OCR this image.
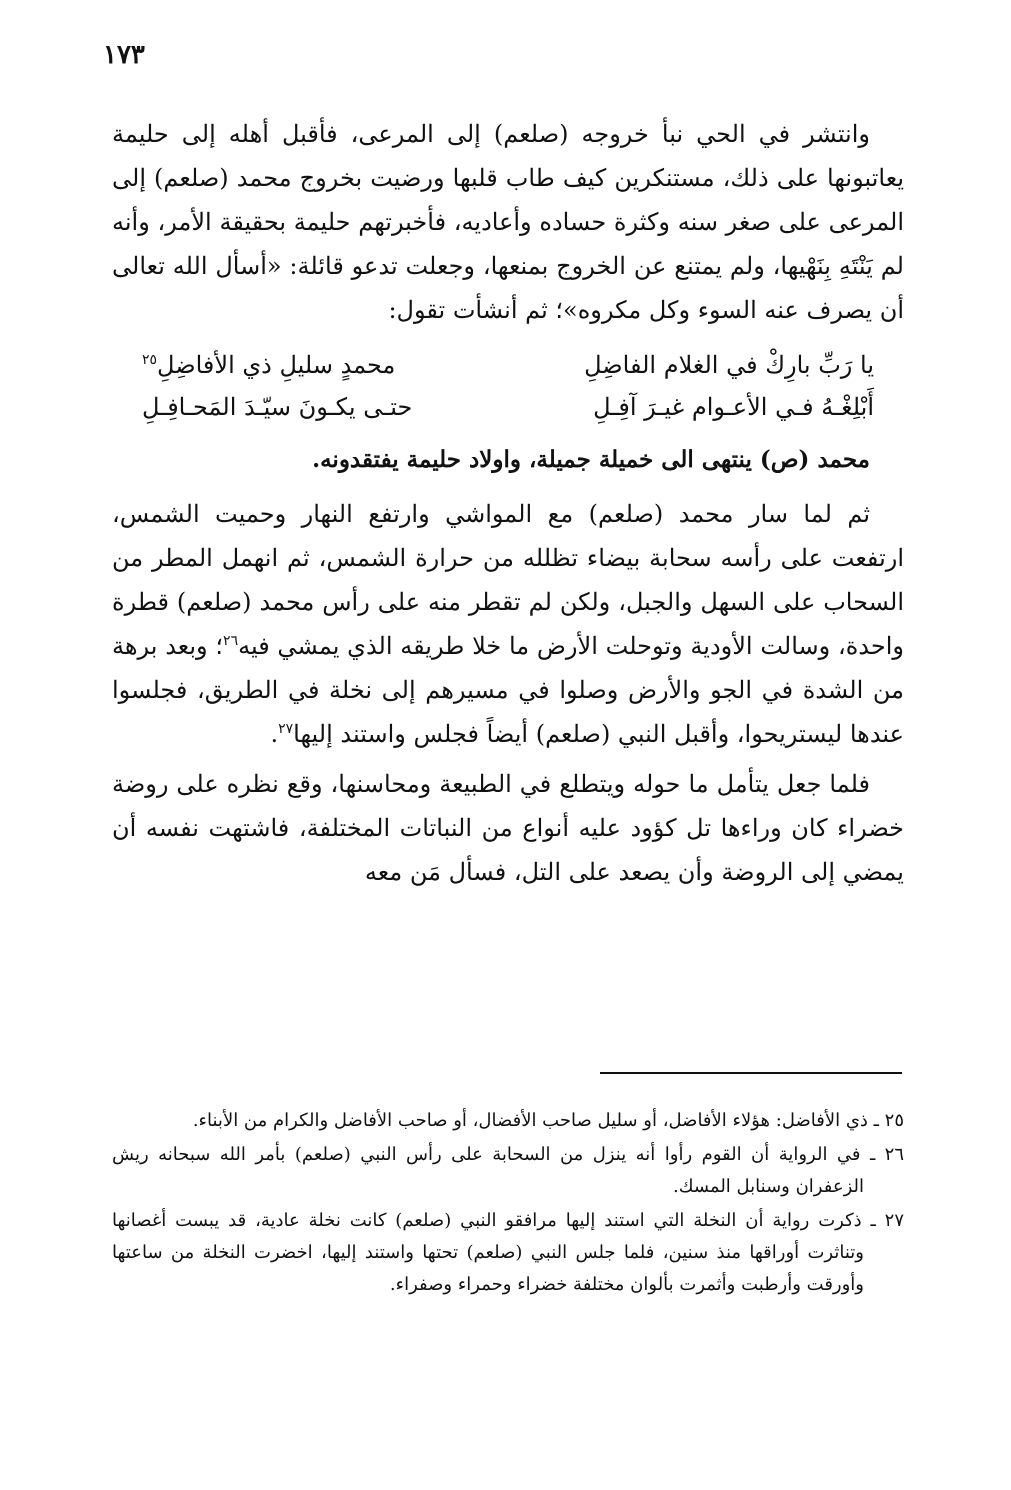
١٧٣

وانتشر في الحي نبأ خروجه (صلعم) إلى المرعى، فأقبل أهله إلى حليمة يعاتبونها على ذلك، مستنكرين كيف طاب قلبها ورضيت بخروج محمد (صلعم) إلى المرعى على صغر سنه وكثرة حساده وأعاديه، فأخبرتهم حليمة بحقيقة الأمر، وأنه لم يَنْتَهِ بِنَهْيها، ولم يمتنع عن الخروج بمنعها، وجعلت تدعو قائلة: «أسأل الله تعالى أن يصرف عنه السوء وكل مكروه»؛ ثم أنشأت تقول:

يا رَبِّ بارِكْ في الغلام الفاضِلِ
محمدٍ سليلِ ذي الأفاضِلِ$^{٢٥}$
أَبْلِغْـهُ فـي الأعـوام غيـرَ آفِـلِ
حتـى يكـونَ سيّـدَ المَحـافِـلِ

محمد (ص) ينتهى الى خميلة جميلة، واولاد حليمة يفتقدونه.

ثم لما سار محمد (صلعم) مع المواشي وارتفع النهار وحميت الشمس، ارتفعت على رأسه سحابة بيضاء تظلله من حرارة الشمس، ثم انهمل المطر من السحاب على السهل والجبل، ولكن لم تقطر منه على رأس محمد (صلعم) قطرة واحدة، وسالت الأودية وتوحلت الأرض ما خلا طريقه الذي يمشي فيه$^{٢٦}$؛ وبعد برهة من الشدة في الجو والأرض وصلوا في مسيرهم إلى نخلة في الطريق، فجلسوا عندها ليستريحوا، وأقبل النبي (صلعم) أيضاً فجلس واستند إليها$^{٢٧}$.

فلما جعل يتأمل ما حوله ويتطلع في الطبيعة ومحاسنها، وقع نظره على روضة خضراء كان وراءها تل كؤود عليه أنواع من النباتات المختلفة، فاشتهت نفسه أن يمضي إلى الروضة وأن يصعد على التل، فسأل مَن معه

٢٥ ـ ذي الأفاضل: هؤلاء الأفاضل، أو سليل صاحب الأفضال، أو صاحب الأفاضل والكرام من الأبناء.

٢٦ ـ في الرواية أن القوم رأوا أنه ينزل من السحابة على رأس النبي (صلعم) بأمر الله سبحانه ريش الزعفران وسنابل المسك.

٢٧ ـ ذكرت رواية أن النخلة التي استند إليها مرافقو النبي (صلعم) كانت نخلة عادية، قد يبست أغصانها وتناثرت أوراقها منذ سنين، فلما جلس النبي (صلعم) تحتها واستند إليها، اخضرت النخلة من ساعتها وأورقت وأرطبت وأثمرت بألوان مختلفة خضراء وحمراء وصفراء.
